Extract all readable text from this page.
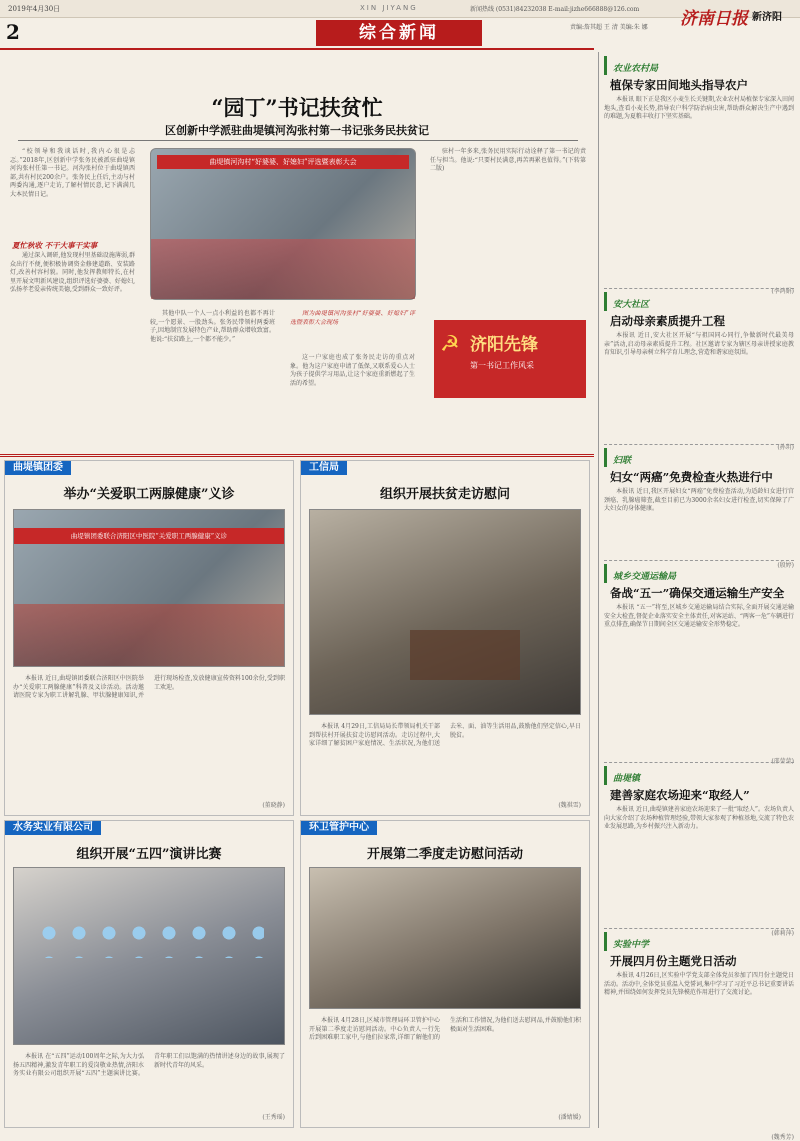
2019年4月30日	XIN JIYANG	新闻热线 (0531)84232038 E-mail:jizhe666888@126.com
2	综合新闻	责编:詹其超 王 清 美编:朱 娜 济南日报 新济阳
“园丁”书记扶贫忙
区创新中学派驻曲堤镇河沟张村第一书记张务民扶贫记

“校领导和我谈话时,我内心很是忐忑。”2018年,区创新中学张务民被派驻曲堤镇河沟张村任第一书记。河沟张村位于曲堤镇西部,共有村民200余户。张务民上任后,主动与村两委沟通,逐户走访,了解村情民意,记下满满几大本民情日记。

曲堤镇河沟村“好婆婆、好媳妇”评选暨表彰大会
夏忙秋收 不干大事干实事

通过深入调研,他发现村里基础设施薄弱,群众出行不便,便积极协调资金修建道路、安装路灯,改善村容村貌。同时,他发挥教师特长,在村里开展文明新风建设,组织评选好婆婆、好媳妇,弘扬孝老爱亲传统美德,受到群众一致好评。

其他中队一个人一点小利益的也都不再计较,一个愿景、一股劲头。张务民带领村两委班子,因地制宜发展特色产业,帮助群众增收致富。他说:“扶贫路上,一个都不能少。”

图为曲堤镇河沟张村“好婆婆、好媳妇”评选暨表彰大会现场

这一户家庭也成了张务民走访的重点对象。他为这户家庭申请了低保,又联系爱心人士为孩子提供学习用品,让这个家庭重新燃起了生活的希望。

驻村一年多来,张务民用实际行动诠释了第一书记的责任与担当。他说:“只要村民满意,再苦再累也值得。”(下转第二版)

☭ 济阳先锋
第一书记工作风采
曲堤镇团委
举办“关爱职工两腺健康”义诊
曲堤镇团委联合济阳区中医院“关爱职工两腺健康”义诊

本报讯 近日,曲堤镇团委联合济阳区中医院举办“关爱职工两腺健康”科普及义诊活动。活动邀请医院专家为职工讲解乳腺、甲状腺健康知识,并进行现场检查,发放健康宣传资料100余份,受到职工欢迎。

(董晓静)
工信局
组织开展扶贫走访慰问

本报讯 4月29日,工信局局长带领局机关干部到帮扶村开展扶贫走访慰问活动。走访过程中,大家详细了解贫困户家庭情况、生活状况,为他们送去米、面、油等生活用品,鼓励他们坚定信心,早日脱贫。

(魏祺雪)
水务实业有限公司
组织开展“五四”演讲比赛

本报讯 在“五四”运动100周年之际,为大力弘扬五四精神,激发青年职工的爱岗敬业热情,济阳水务实业有限公司组织开展“五四”主题演讲比赛。青年职工们以饱满的热情讲述身边的故事,展现了新时代青年的风采。

(王秀瑶)
环卫管护中心
开展第二季度走访慰问活动

本报讯 4月28日,区城市管理局环卫管护中心开展第二季度走访慰问活动。中心负责人一行先后到困难职工家中,与他们拉家常,详细了解他们的生活和工作情况,为他们送去慰问品,并鼓励他们积极面对生活困难。

(潘婧媛)
农业农村局
植保专家田间地头指导农户

本报讯 眼下正是我区小麦生长关键期,农业农村局植保专家深入田间地头,查看小麦长势,指导农户科学防治病虫害,帮助群众解决生产中遇到的难题,为夏粮丰收打下坚实基础。

(李鸿娟)
安大社区
启动母亲素质提升工程

本报讯 近日,安大社区开展“与祖国同心同行,争做新时代最美母亲”活动,启动母亲素质提升工程。社区邀请专家为辖区母亲讲授家庭教育知识,引导母亲树立科学育儿理念,营造和谐家庭氛围。

(孙玥)
妇联
妇女“两癌”免费检查火热进行中

本报讯 近日,我区开展妇女“两癌”免费检查活动,为适龄妇女进行宫颈癌、乳腺癌筛查,截至目前已为3000余名妇女进行检查,切实保障了广大妇女的身体健康。

(殷婷)
城乡交通运输局
备战“五一”确保交通运输生产安全

本报讯 “五一”将至,区城乡交通运输局结合实际,全面开展交通运输安全大检查,督促企业落实安全主体责任,对客运站、“两客一危”车辆进行重点排查,确保节日期间全区交通运输安全形势稳定。

(邵莹莹)
曲堤镇
建善家庭农场迎来“取经人”

本报讯 近日,曲堤镇建善家庭农场迎来了一批“取经人”。农场负责人向大家介绍了农场种植管理经验,带领大家参观了种植基地,交流了特色农业发展思路,为乡村振兴注入新动力。

(韩莉萍)
实验中学
开展四月份主题党日活动

本报讯 4月26日,区实验中学党支部全体党员参加了四月份主题党日活动。活动中,全体党员重温入党誓词,集中学习了习近平总书记重要讲话精神,并围绕如何发挥党员先锋模范作用进行了交流讨论。

(魏秀芳)
